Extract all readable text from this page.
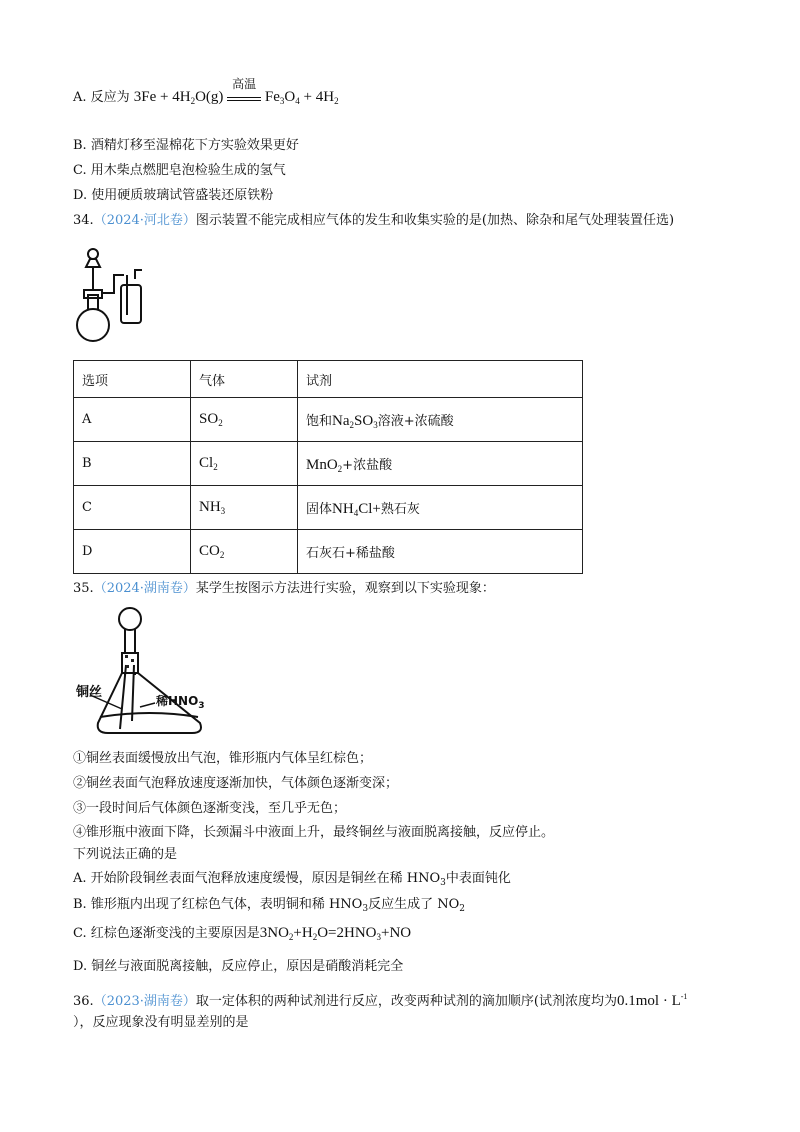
A. 反应为 $3Fe + 4H_2O(g)$
高温
$Fe_3O_4 + 4H_2$
B. 酒精灯移至湿棉花下方实验效果更好
C. 用木柴点燃肥皂泡检验生成的氢气
D. 使用硬质玻璃试管盛装还原铁粉
34.（2024·河北卷）图示装置不能完成相应气体的发生和收集实验的是(加热、除杂和尾气处理装置任选)
选项	气体	试剂
A	$SO_2$	饱和$Na_2SO_3$溶液+浓硫酸
B	$Cl_2$	MnO$_2$+浓盐酸
C	$NH_3$	固体$NH_4Cl+$熟石灰
D	$CO_2$	石灰石+稀盐酸
35.（2024·湖南卷）某学生按图示方法进行实验，观察到以下实验现象：
铜丝
稀$HNO_3$
①铜丝表面缓慢放出气泡，锥形瓶内气体呈红棕色；
②铜丝表面气泡释放速度逐渐加快，气体颜色逐渐变深；
③一段时间后气体颜色逐渐变浅，至几乎无色；
④锥形瓶中液面下降，长颈漏斗中液面上升，最终铜丝与液面脱离接触，反应停止。
下列说法正确的是
A. 开始阶段铜丝表面气泡释放速度缓慢，原因是铜丝在稀 $HNO_3$中表面钝化
B. 锥形瓶内出现了红棕色气体，表明铜和稀 $HNO_3$反应生成了 $NO_2$
C. 红棕色逐渐变浅的主要原因是$3NO_2+H_2O=2HNO_3+NO$
D. 铜丝与液面脱离接触，反应停止，原因是硝酸消耗完全
36.（2023·湖南卷）取一定体积的两种试剂进行反应，改变两种试剂的滴加顺序(试剂浓度均为$0.1mol \cdot L^{-1}$
），反应现象没有明显差别的是
